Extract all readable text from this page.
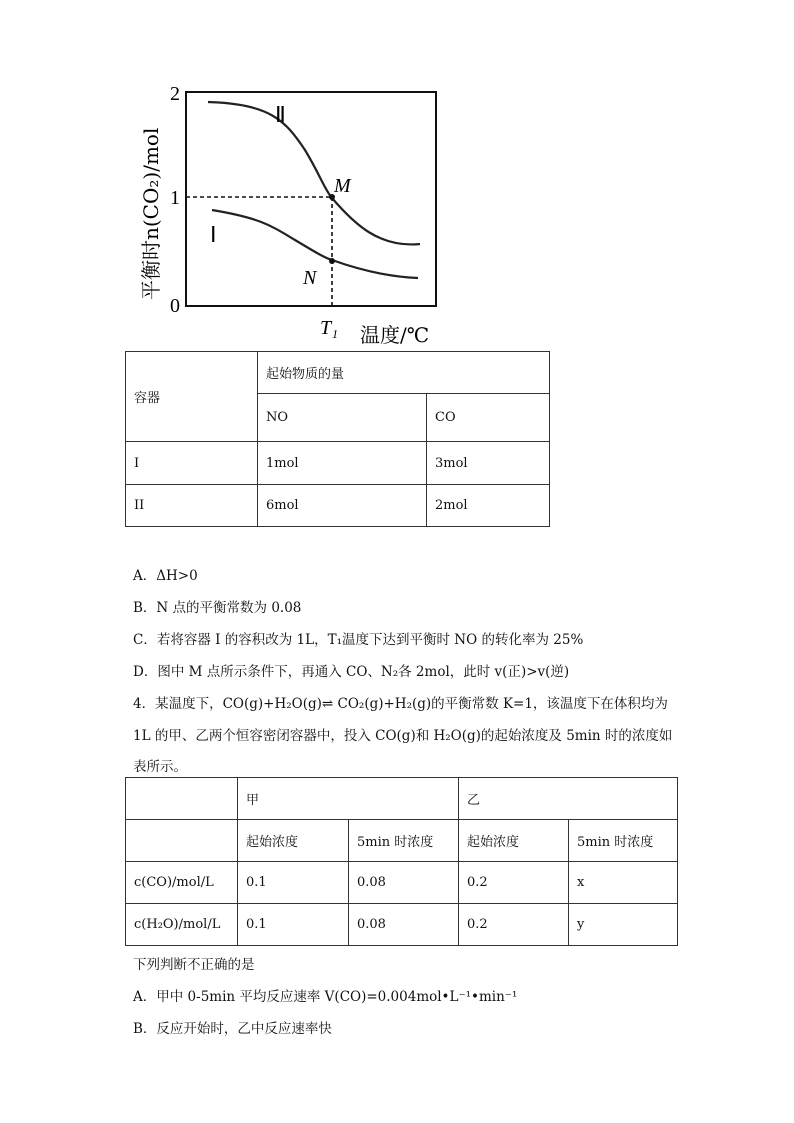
2
1
0
平衡时n(CO₂)/mol
Ⅱ
Ⅰ
M
N
T₁ 温度/℃
容器	起始物质的量	
	NO	CO
I	1mol	3mol
II	6mol	2mol
A．ΔH>0
B．N 点的平衡常数为 0.08
C．若将容器 I 的容积改为 1L，T₁温度下达到平衡时 NO 的转化率为 25%
D．图中 M 点所示条件下，再通入 CO、N₂各 2mol，此时 v(正)>v(逆)
4．某温度下，CO(g)+H₂O(g)⇌ CO₂(g)+H₂(g)的平衡常数 K=1，该温度下在体积均为
1L 的甲、乙两个恒容密闭容器中，投入 CO(g)和 H₂O(g)的起始浓度及 5min 时的浓度如
表所示。
	甲		乙	
	起始浓度	5min 时浓度	起始浓度	5min 时浓度
c(CO)/mol/L	0.1	0.08	0.2	x
c(H₂O)/mol/L	0.1	0.08	0.2	y
下列判断不正确的是
A．甲中 0-5min 平均反应速率 V(CO)=0.004mol•L⁻¹•min⁻¹
B．反应开始时，乙中反应速率快
